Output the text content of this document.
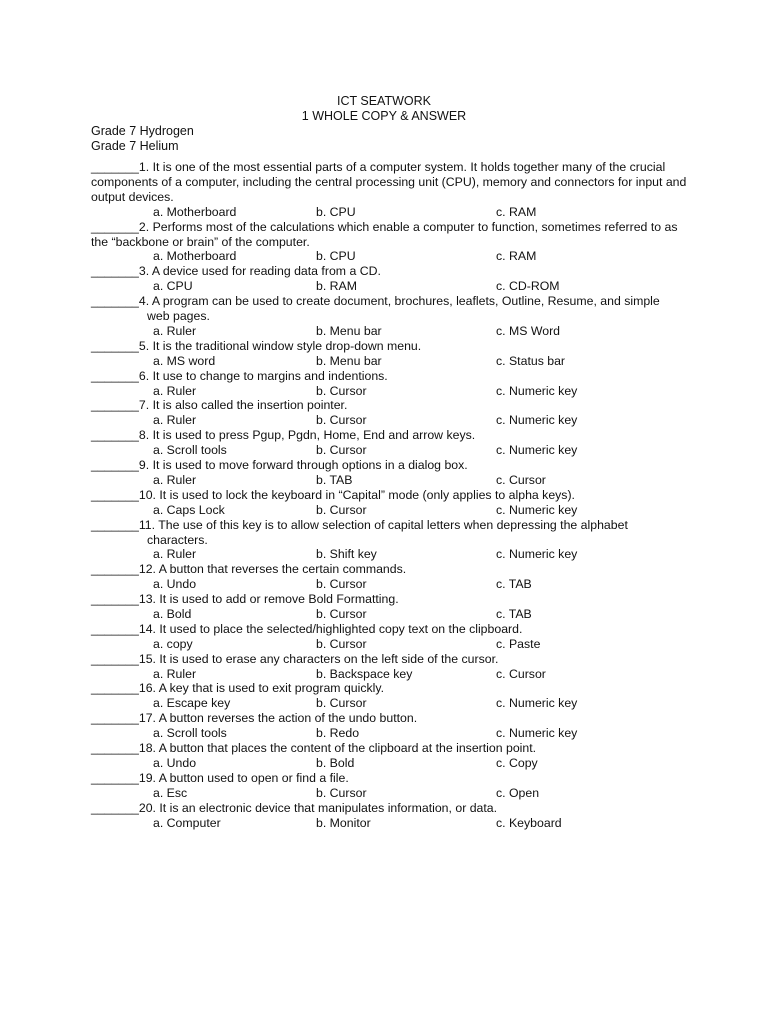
ICT SEATWORK
1 WHOLE COPY & ANSWER
Grade 7 Hydrogen
Grade 7 Helium
_______1. It is one of the most essential parts of a computer system. It holds together many of the crucial components of a computer, including the central processing unit (CPU), memory and connectors for input and output devices.
a. Motherboard	b. CPU	c. RAM
_______2. Performs most of the calculations which enable a computer to function, sometimes referred to as the “backbone or brain” of the computer.
a. Motherboard	b. CPU	c. RAM
_______3. A device used for reading data from a CD.
a. CPU	b. RAM	c. CD-ROM
_______4. A program can be used to create document, brochures, leaflets, Outline, Resume, and simple
web pages.
a. Ruler	b. Menu bar	c. MS Word
_______5. It is the traditional window style drop-down menu.
a. MS word	b. Menu bar	c. Status bar
_______6. It use to change to margins and indentions.
a. Ruler	b. Cursor	c. Numeric key
_______7. It is also called the insertion pointer.
a. Ruler	b. Cursor	c. Numeric key
_______8. It is used to press Pgup, Pgdn, Home, End and arrow keys.
a. Scroll tools	b. Cursor	c. Numeric key
_______9. It is used to move forward through options in a dialog box.
a. Ruler	b. TAB	c. Cursor
_______10. It is used to lock the keyboard in “Capital” mode (only applies to alpha keys).
a. Caps Lock	b. Cursor	c. Numeric key
_______11. The use of this key is to allow selection of capital letters when depressing the alphabet
characters.
a. Ruler	b. Shift key	c. Numeric key
_______12. A button that reverses the certain commands.
a. Undo	b. Cursor	c. TAB
_______13. It is used to add or remove Bold Formatting.
a. Bold	b. Cursor	c. TAB
_______14. It used to place the selected/highlighted copy text on the clipboard.
a. copy	b. Cursor	c. Paste
_______15. It is used to erase any characters on the left side of the cursor.
a. Ruler	b. Backspace key	c. Cursor
_______16. A key that is used to exit program quickly.
a. Escape key	b. Cursor	c. Numeric key
_______17. A button reverses the action of the undo button.
a. Scroll tools	b. Redo	c. Numeric key
_______18. A button that places the content of the clipboard at the insertion point.
a. Undo	b. Bold	c. Copy
_______19. A button used to open or find a file.
a. Esc	b. Cursor	c. Open
_______20. It is an electronic device that manipulates information, or data.
a. Computer	b. Monitor	c. Keyboard
